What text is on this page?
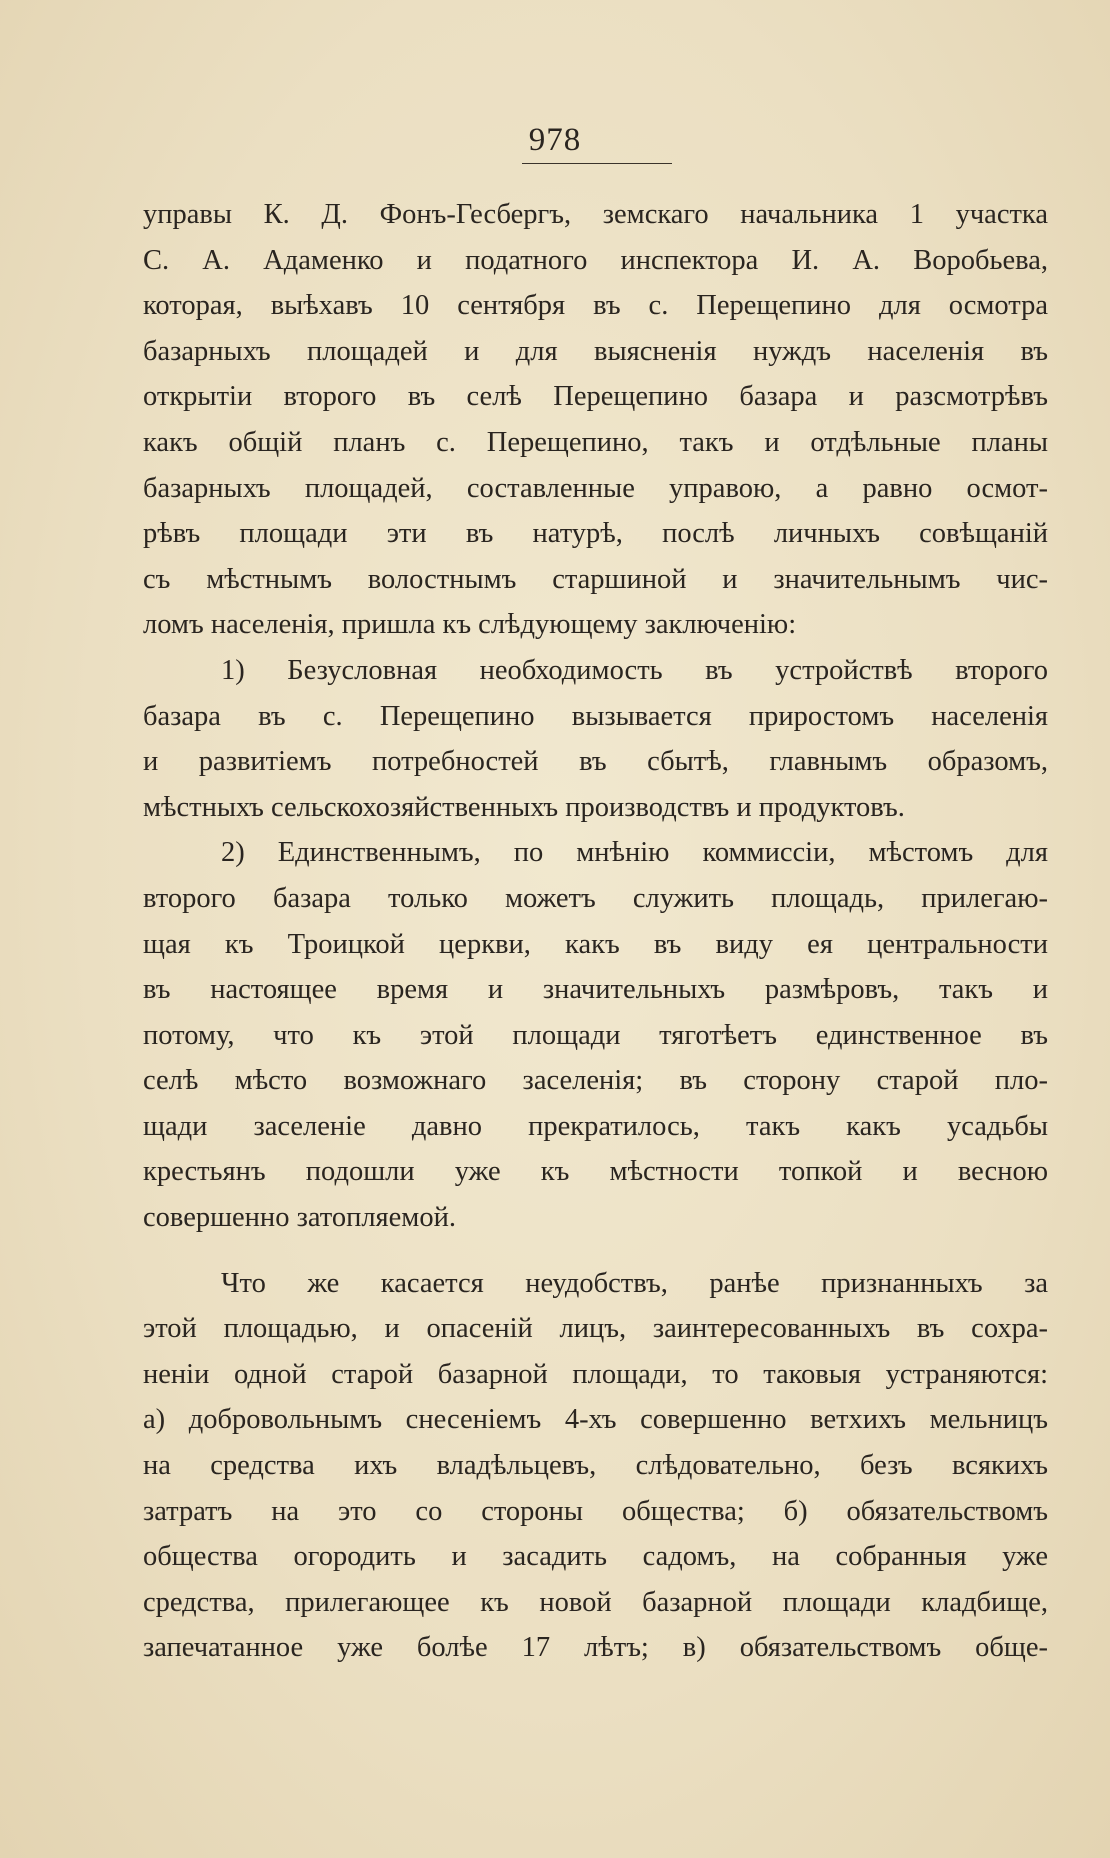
978
управы К. Д. Фонъ-Гесбергъ, земскаго начальника 1 участка
С. А. Адаменко и податного инспектора И. А. Воробьева,
которая, выѣхавъ 10 сентября въ с. Перещепино для осмотра
базарныхъ площадей и для выясненія нуждъ населенія въ
открытіи второго въ селѣ Перещепино базара и разсмотрѣвъ
какъ общій планъ с. Перещепино, такъ и отдѣльные планы
базарныхъ площадей, составленные управою, а равно осмот-
рѣвъ площади эти въ натурѣ, послѣ личныхъ совѣщаній
съ мѣстнымъ волостнымъ старшиной и значительнымъ чис-
ломъ населенія, пришла къ слѣдующему заключенію:
1) Безусловная необходимость въ устройствѣ второго
базара въ с. Перещепино вызывается приростомъ населенія
и развитіемъ потребностей въ сбытѣ, главнымъ образомъ,
мѣстныхъ сельскохозяйственныхъ производствъ и продуктовъ.
2) Единственнымъ, по мнѣнію коммиссіи, мѣстомъ для
второго базара только можетъ служить площадь, прилегаю-
щая къ Троицкой церкви, какъ въ виду ея центральности
въ настоящее время и значительныхъ размѣровъ, такъ и
потому, что къ этой площади тяготѣетъ единственное въ
селѣ мѣсто возможнаго заселенія; въ сторону старой пло-
щади заселеніе давно прекратилось, такъ какъ усадьбы
крестьянъ подошли уже къ мѣстности топкой и весною
совершенно затопляемой.
Что же касается неудобствъ, ранѣе признанныхъ за
этой площадью, и опасеній лицъ, заинтересованныхъ въ сохра-
неніи одной старой базарной площади, то таковыя устраняются:
а) добровольнымъ снесеніемъ 4-хъ совершенно ветхихъ мельницъ
на средства ихъ владѣльцевъ, слѣдовательно, безъ всякихъ
затратъ на это со стороны общества; б) обязательствомъ
общества огородить и засадить садомъ, на собранныя уже
средства, прилегающее къ новой базарной площади кладбище,
запечатанное уже болѣе 17 лѣтъ; в) обязательствомъ обще-
